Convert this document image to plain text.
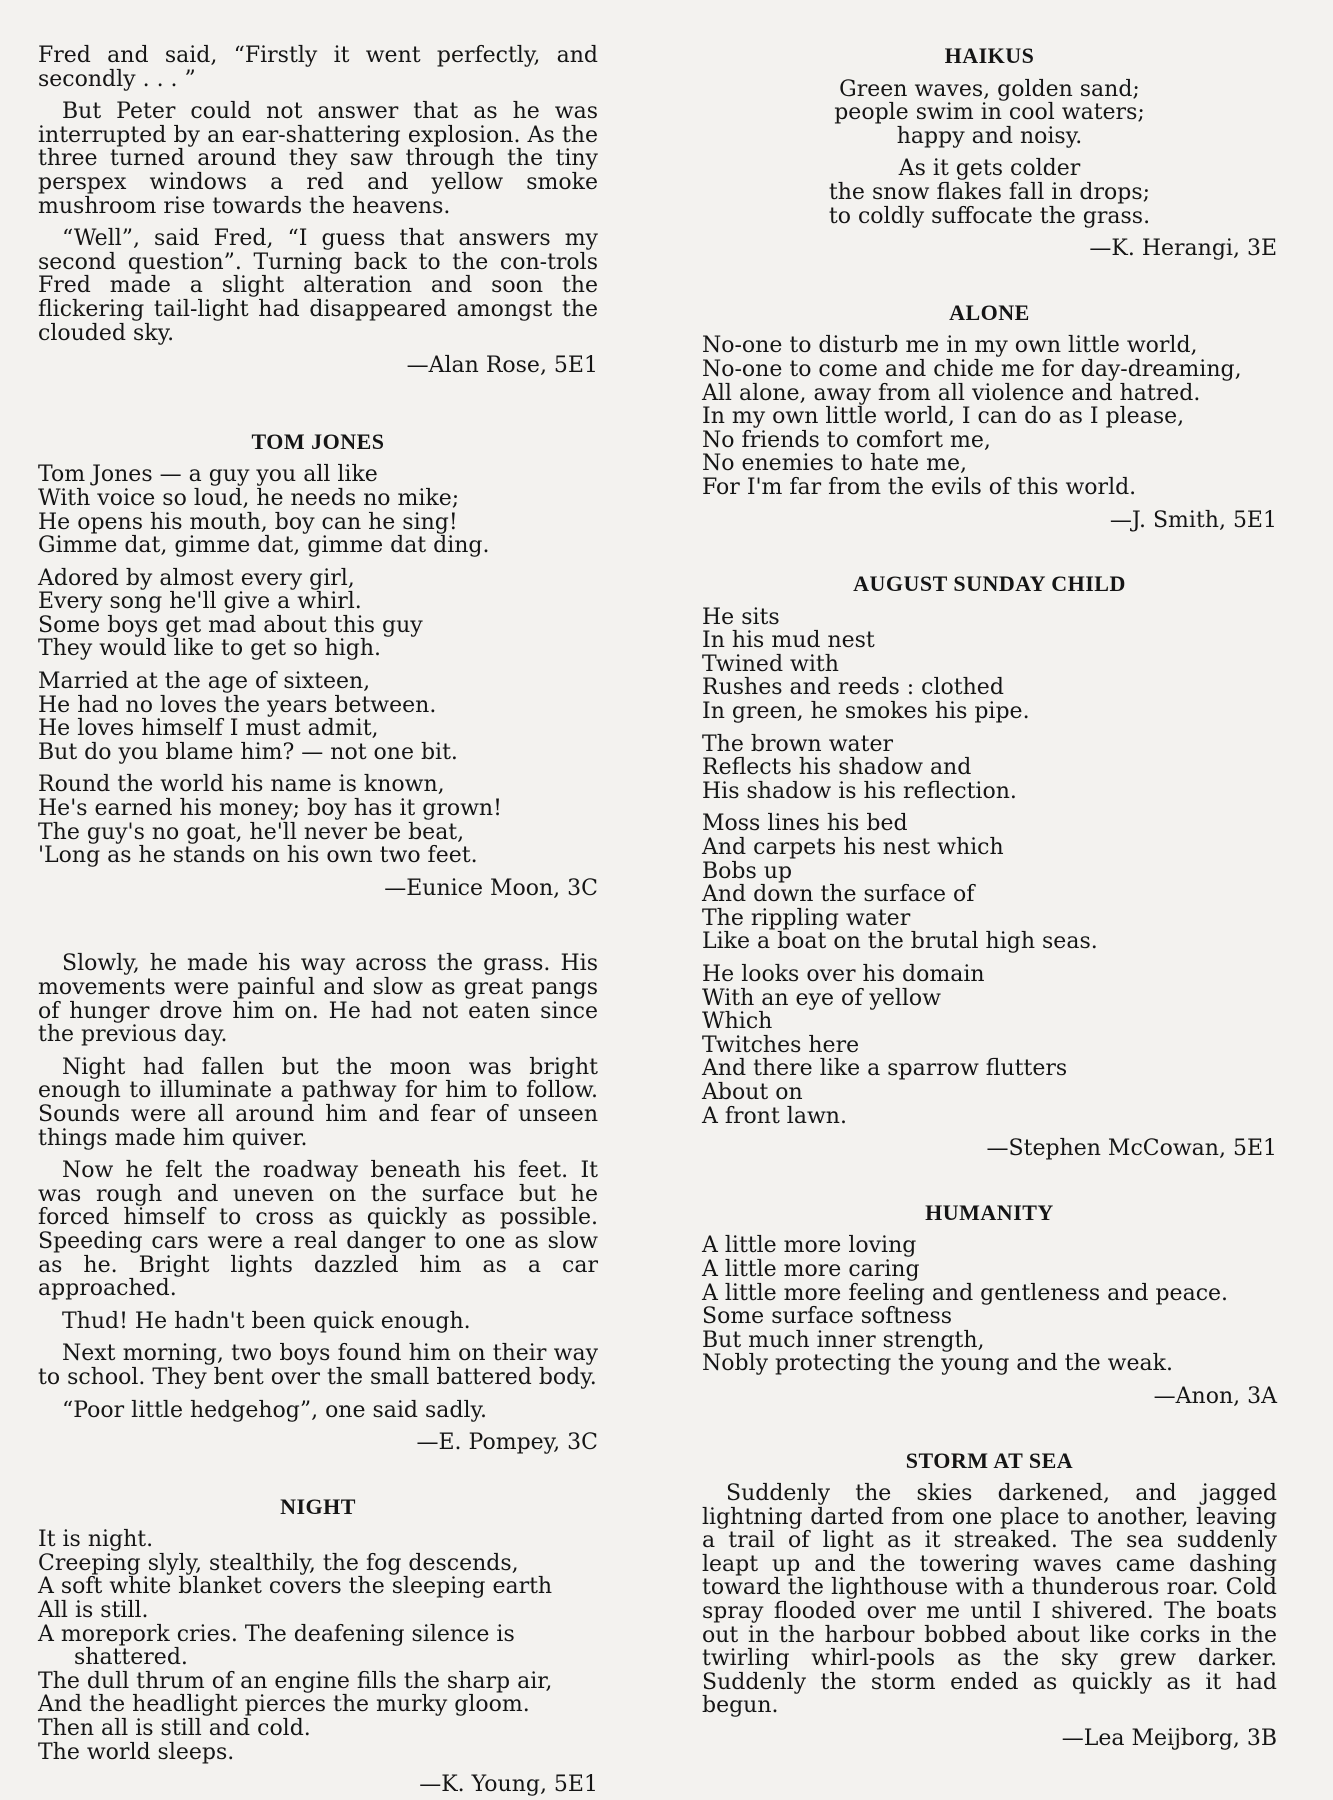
Fred and said, “Firstly it went perfectly, and secondly . . . ”

But Peter could not answer that as he was interrupted by an ear-shattering explosion. As the three turned around they saw through the tiny perspex windows a red and yellow smoke mushroom rise towards the heavens.

“Well”, said Fred, “I guess that answers my second question”. Turning back to the con-trols Fred made a slight alteration and soon the flickering tail-light had disappeared amongst the clouded sky.

—Alan Rose, 5E1
TOM JONES
Tom Jones — a guy you all like
With voice so loud, he needs no mike;
He opens his mouth, boy can he sing!
Gimme dat, gimme dat, gimme dat ding.
Adored by almost every girl,
Every song he'll give a whirl.
Some boys get mad about this guy
They would like to get so high.
Married at the age of sixteen,
He had no loves the years between.
He loves himself I must admit,
But do you blame him? — not one bit.
Round the world his name is known,
He's earned his money; boy has it grown!
The guy's no goat, he'll never be beat,
'Long as he stands on his own two feet.
—Eunice Moon, 3C

Slowly, he made his way across the grass. His movements were painful and slow as great pangs of hunger drove him on. He had not eaten since the previous day.

Night had fallen but the moon was bright enough to illuminate a pathway for him to follow. Sounds were all around him and fear of unseen things made him quiver.

Now he felt the roadway beneath his feet. It was rough and uneven on the surface but he forced himself to cross as quickly as possible. Speeding cars were a real danger to one as slow as he. Bright lights dazzled him as a car approached.

Thud! He hadn't been quick enough.

Next morning, two boys found him on their way to school. They bent over the small battered body.

“Poor little hedgehog”, one said sadly.

—E. Pompey, 3C
NIGHT
It is night.
Creeping slyly, stealthily, the fog descends,
A soft white blanket covers the sleeping earth
All is still.
A morepork cries. The deafening silence is
shattered.
The dull thrum of an engine fills the sharp air,
And the headlight pierces the murky gloom.
Then all is still and cold.
The world sleeps.
—K. Young, 5E1
HAIKUS
Green waves, golden sand;
people swim in cool waters;
happy and noisy.
As it gets colder
the snow flakes fall in drops;
to coldly suffocate the grass.
—K. Herangi, 3E
ALONE
No-one to disturb me in my own little world,
No-one to come and chide me for day-dreaming,
All alone, away from all violence and hatred.
In my own little world, I can do as I please,
No friends to comfort me,
No enemies to hate me,
For I'm far from the evils of this world.
—J. Smith, 5E1
AUGUST SUNDAY CHILD
He sits
In his mud nest
Twined with
Rushes and reeds : clothed
In green, he smokes his pipe.
The brown water
Reflects his shadow and
His shadow is his reflection.
Moss lines his bed
And carpets his nest which
Bobs up
And down the surface of
The rippling water
Like a boat on the brutal high seas.
He looks over his domain
With an eye of yellow
Which
Twitches here
And there like a sparrow flutters
About on
A front lawn.
—Stephen McCowan, 5E1
HUMANITY
A little more loving
A little more caring
A little more feeling and gentleness and peace.
Some surface softness
But much inner strength,
Nobly protecting the young and the weak.
—Anon, 3A
STORM AT SEA

Suddenly the skies darkened, and jagged lightning darted from one place to another, leaving a trail of light as it streaked. The sea suddenly leapt up and the towering waves came dashing toward the lighthouse with a thunderous roar. Cold spray flooded over me until I shivered. The boats out in the harbour bobbed about like corks in the twirling whirl-pools as the sky grew darker. Suddenly the storm ended as quickly as it had begun.

—Lea Meijborg, 3B
